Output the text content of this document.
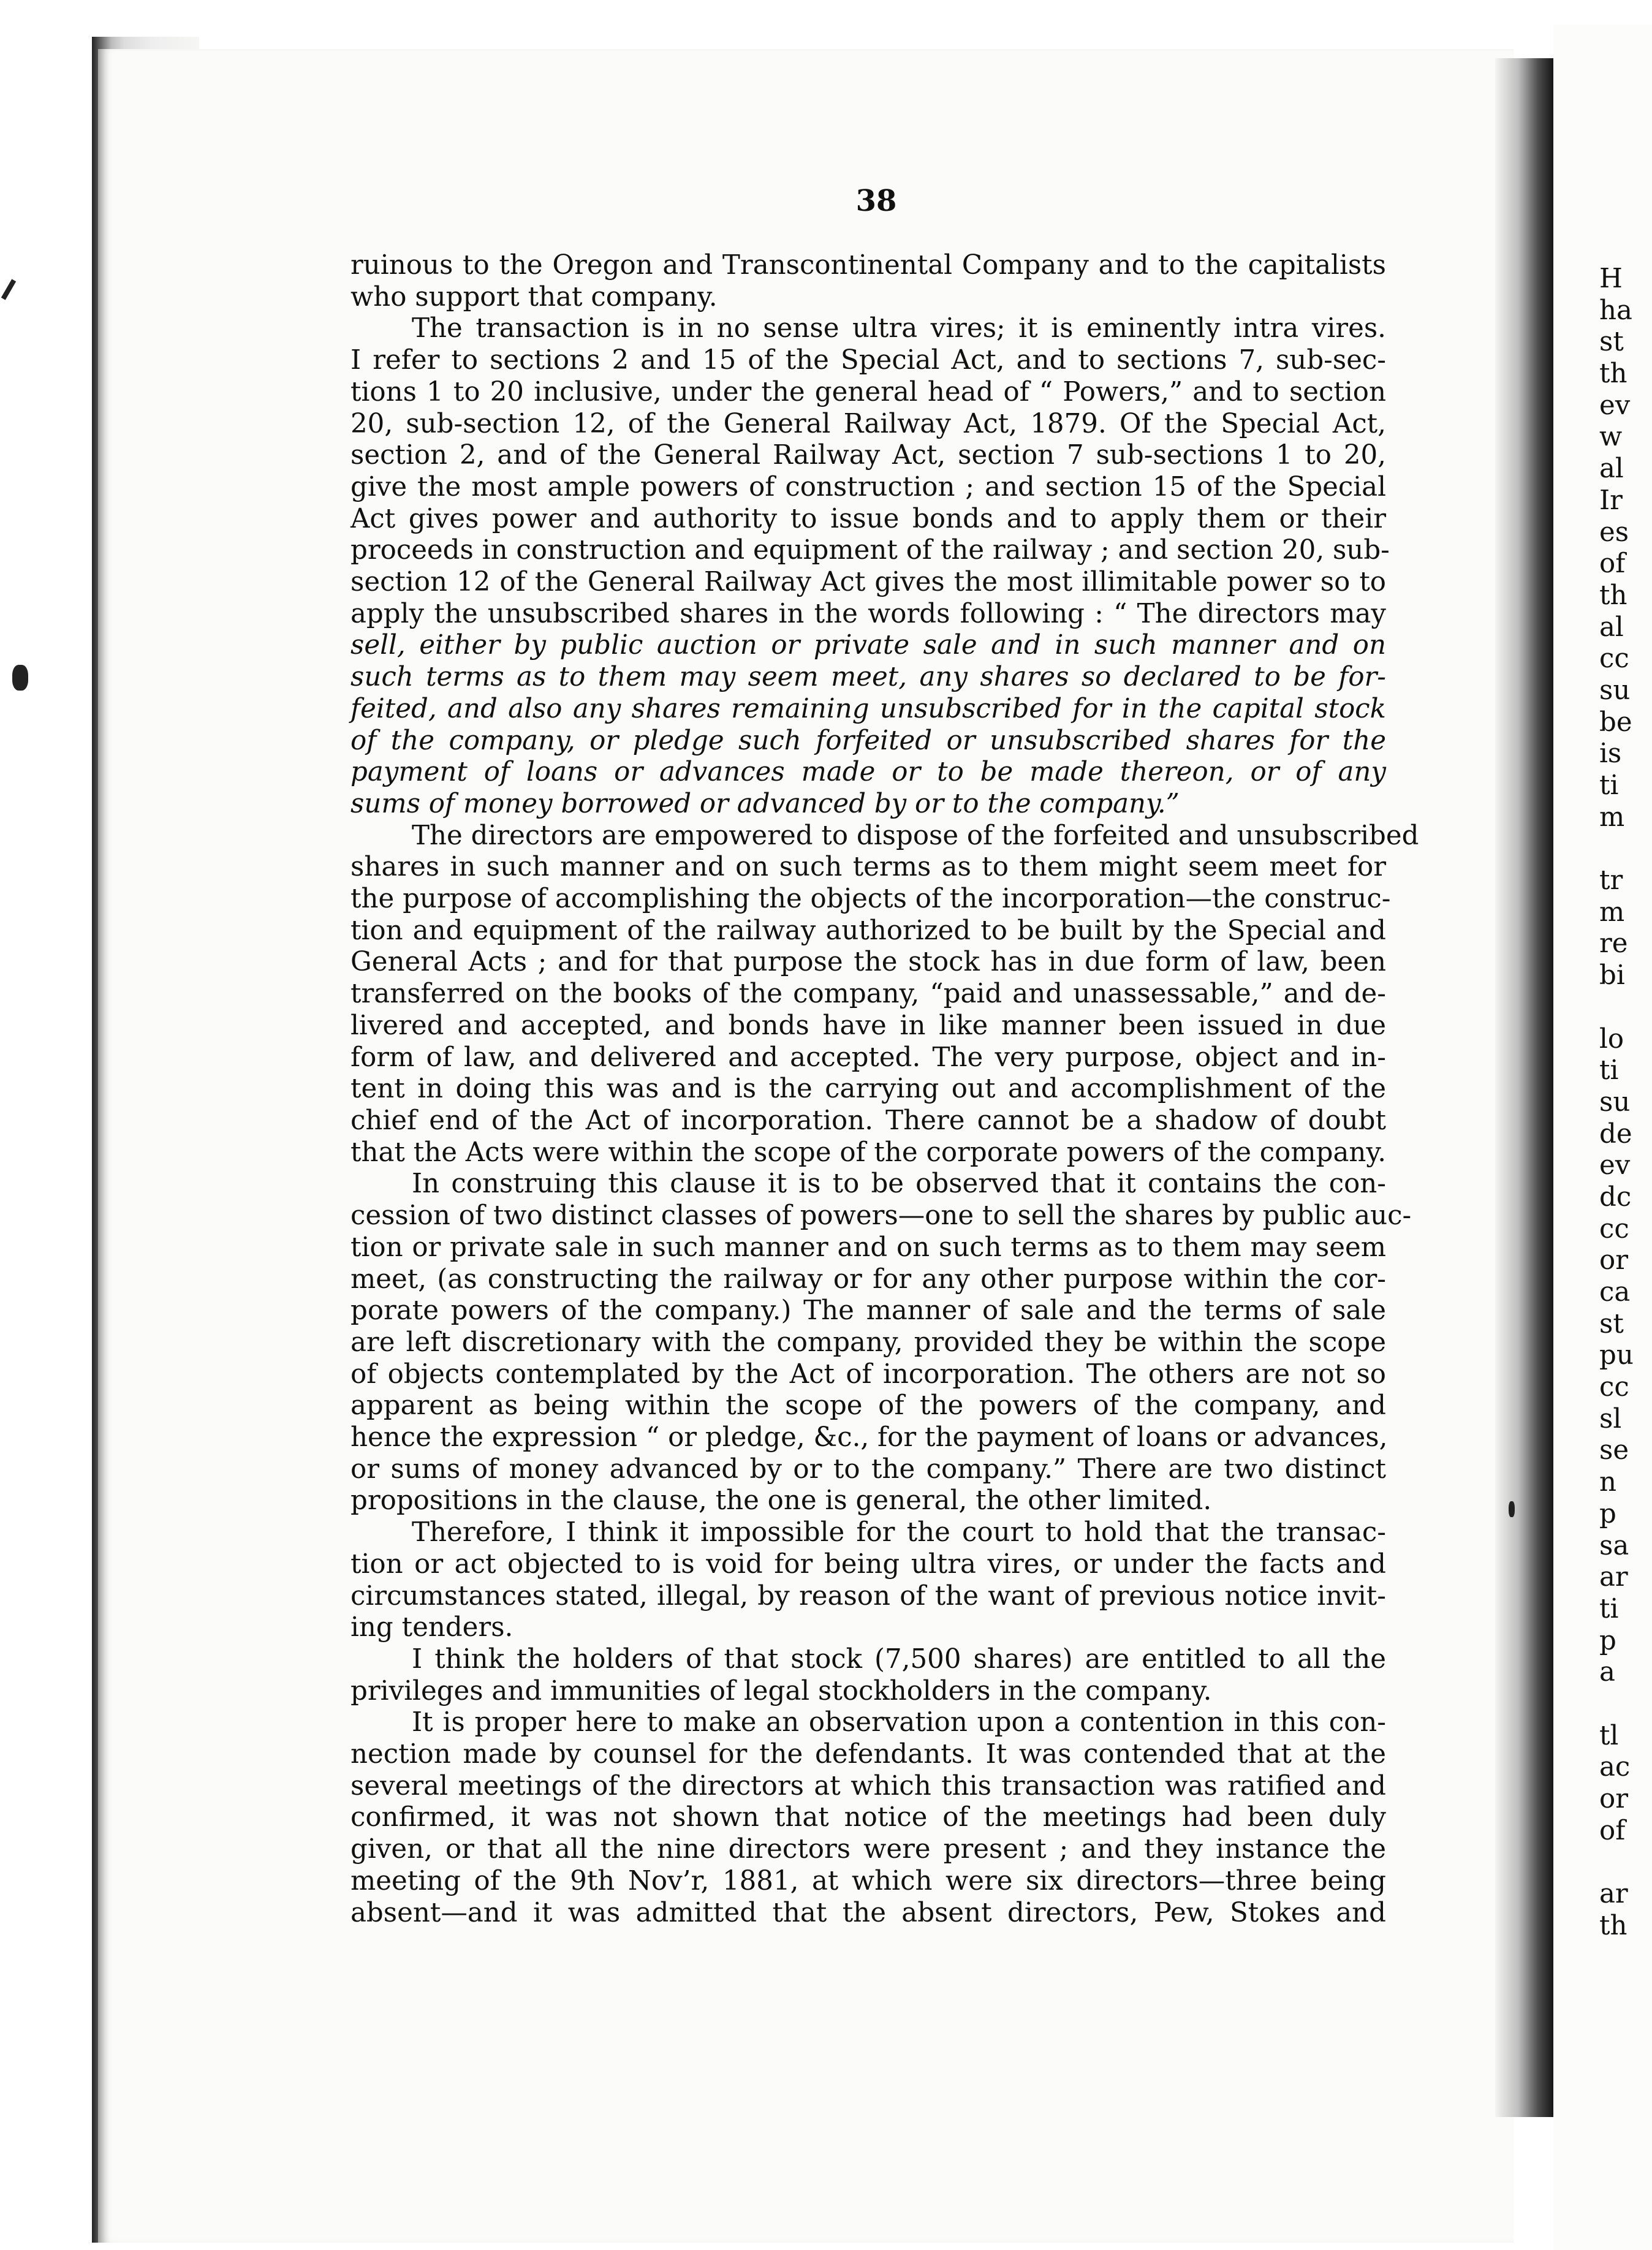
38

ruinous to the Oregon and Transcontinental Company and to the capitalists
who support that company.

The transaction is in no sense ultra vires; it is eminently intra vires.
I refer to sections 2 and 15 of the Special Act, and to sections 7, sub-sec-
tions 1 to 20 inclusive, under the general head of “ Powers,” and to section
20, sub-section 12, of the General Railway Act, 1879. Of the Special Act,
section 2, and of the General Railway Act, section 7 sub-sections 1 to 20,
give the most ample powers of construction ; and section 15 of the Special
Act gives power and authority to issue bonds and to apply them or their
proceeds in construction and equipment of the railway ; and section 20, sub-
section 12 of the General Railway Act gives the most illimitable power so to
apply the unsubscribed shares in the words following : “ The directors may
sell, either by public auction or private sale and in such manner and on
such terms as to them may seem meet, any shares so declared to be for-
feited, and also any shares remaining unsubscribed for in the capital stock
of the company, or pledge such forfeited or unsubscribed shares for the
payment of loans or advances made or to be made thereon, or of any
sums of money borrowed or advanced by or to the company.”

The directors are empowered to dispose of the forfeited and unsubscribed
shares in such manner and on such terms as to them might seem meet for
the purpose of accomplishing the objects of the incorporation—the construc-
tion and equipment of the railway authorized to be built by the Special and
General Acts ; and for that purpose the stock has in due form of law, been
transferred on the books of the company, “paid and unassessable,” and de-
livered and accepted, and bonds have in like manner been issued in due
form of law, and delivered and accepted. The very purpose, object and in-
tent in doing this was and is the carrying out and accomplishment of the
chief end of the Act of incorporation. There cannot be a shadow of doubt
that the Acts were within the scope of the corporate powers of the company.

In construing this clause it is to be observed that it contains the con-
cession of two distinct classes of powers—one to sell the shares by public auc-
tion or private sale in such manner and on such terms as to them may seem
meet, (as constructing the railway or for any other purpose within the cor-
porate powers of the company.) The manner of sale and the terms of sale
are left discretionary with the company, provided they be within the scope
of objects contemplated by the Act of incorporation. The others are not so
apparent as being within the scope of the powers of the company, and
hence the expression “ or pledge, &c., for the payment of loans or advances,
or sums of money advanced by or to the company.” There are two distinct
propositions in the clause, the one is general, the other limited.

Therefore, I think it impossible for the court to hold that the transac-
tion or act objected to is void for being ultra vires, or under the facts and
circumstances stated, illegal, by reason of the want of previous notice invit-
ing tenders.

I think the holders of that stock (7,500 shares) are entitled to all the
privileges and immunities of legal stockholders in the company.

It is proper here to make an observation upon a contention in this con-
nection made by counsel for the defendants. It was contended that at the
several meetings of the directors at which this transaction was ratified and
confirmed, it was not shown that notice of the meetings had been duly
given, or that all the nine directors were present ; and they instance the
meeting of the 9th Nov’r, 1881, at which were six directors—three being
absent—and it was admitted that the absent directors, Pew, Stokes and

H
ha
st
th
ev
w
al
Ir
es
of
th
al
cc
su
be
is
ti
m
tr
m
re
bi
lo
ti
su
de
ev
dc
cc
or
ca
st
pu
cc
sl
se
n
p
sa
ar
ti
p
a
tl
ac
or
of
ar
th
